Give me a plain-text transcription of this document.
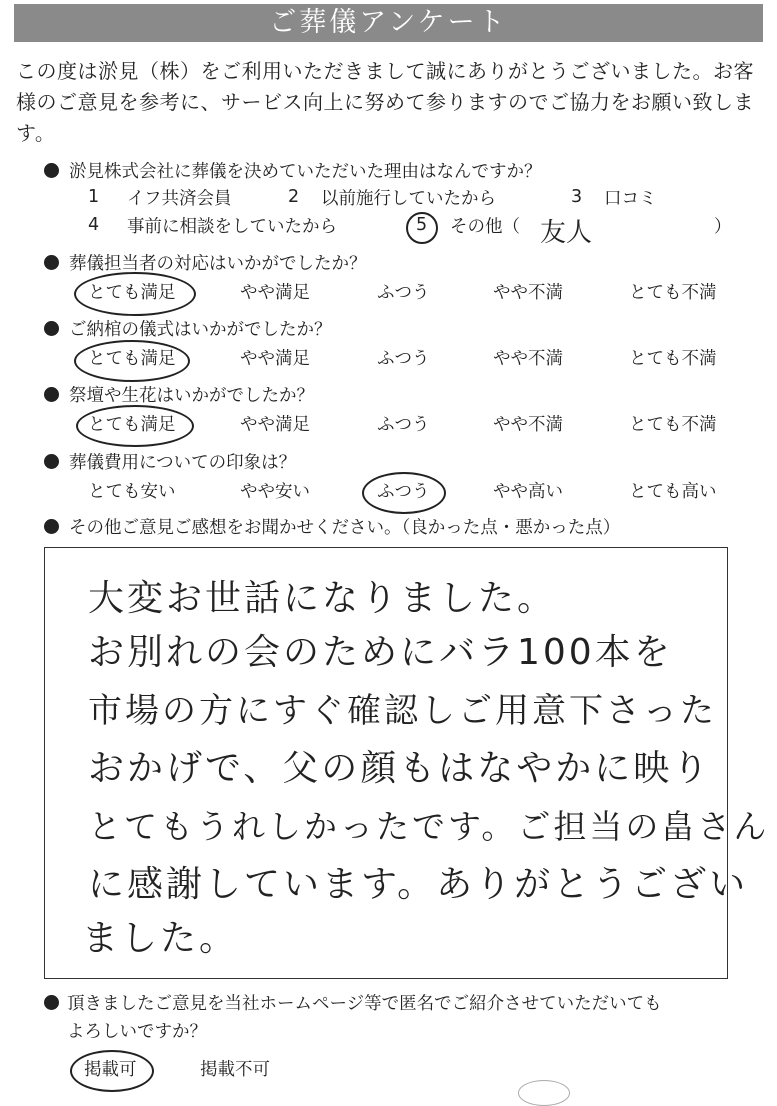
ご葬儀アンケート
この度は淤見（株）をご利用いただきまして誠にありがとうございました。お客様のご意見を参考に、サービス向上に努めて参りますのでご協力をお願い致します。
淤見株式会社に葬儀を決めていただいた理由はなんですか？
1 イフ共済会員	2 以前施行していたから	3 口コミ
4 事前に相談をしていたから	5 その他（ 友人	）
葬儀担当者の対応はいかがでしたか？
とても満足	やや満足	ふつう	やや不満	とても不満
ご納棺の儀式はいかがでしたか？
とても満足	やや満足	ふつう	やや不満	とても不満
祭壇や生花はいかがでしたか？
とても満足	やや満足	ふつう	やや不満	とても不満
葬儀費用についての印象は？
とても安い	やや安い	ふつう	やや高い	とても高い
その他ご意見ご感想をお聞かせください。（良かった点・悪かった点）
大変お世話になりました。
お別れの会のためにバラ100本を
市場の方にすぐ確認しご用意下さった
おかげで、父の顔もはなやかに映り
とてもうれしかったです。ご担当の畠さん
に感謝しています。ありがとうござい
ました。
頂きましたご意見を当社ホームページ等で匿名でご紹介させていただいても
よろしいですか？
掲載可	掲載不可
